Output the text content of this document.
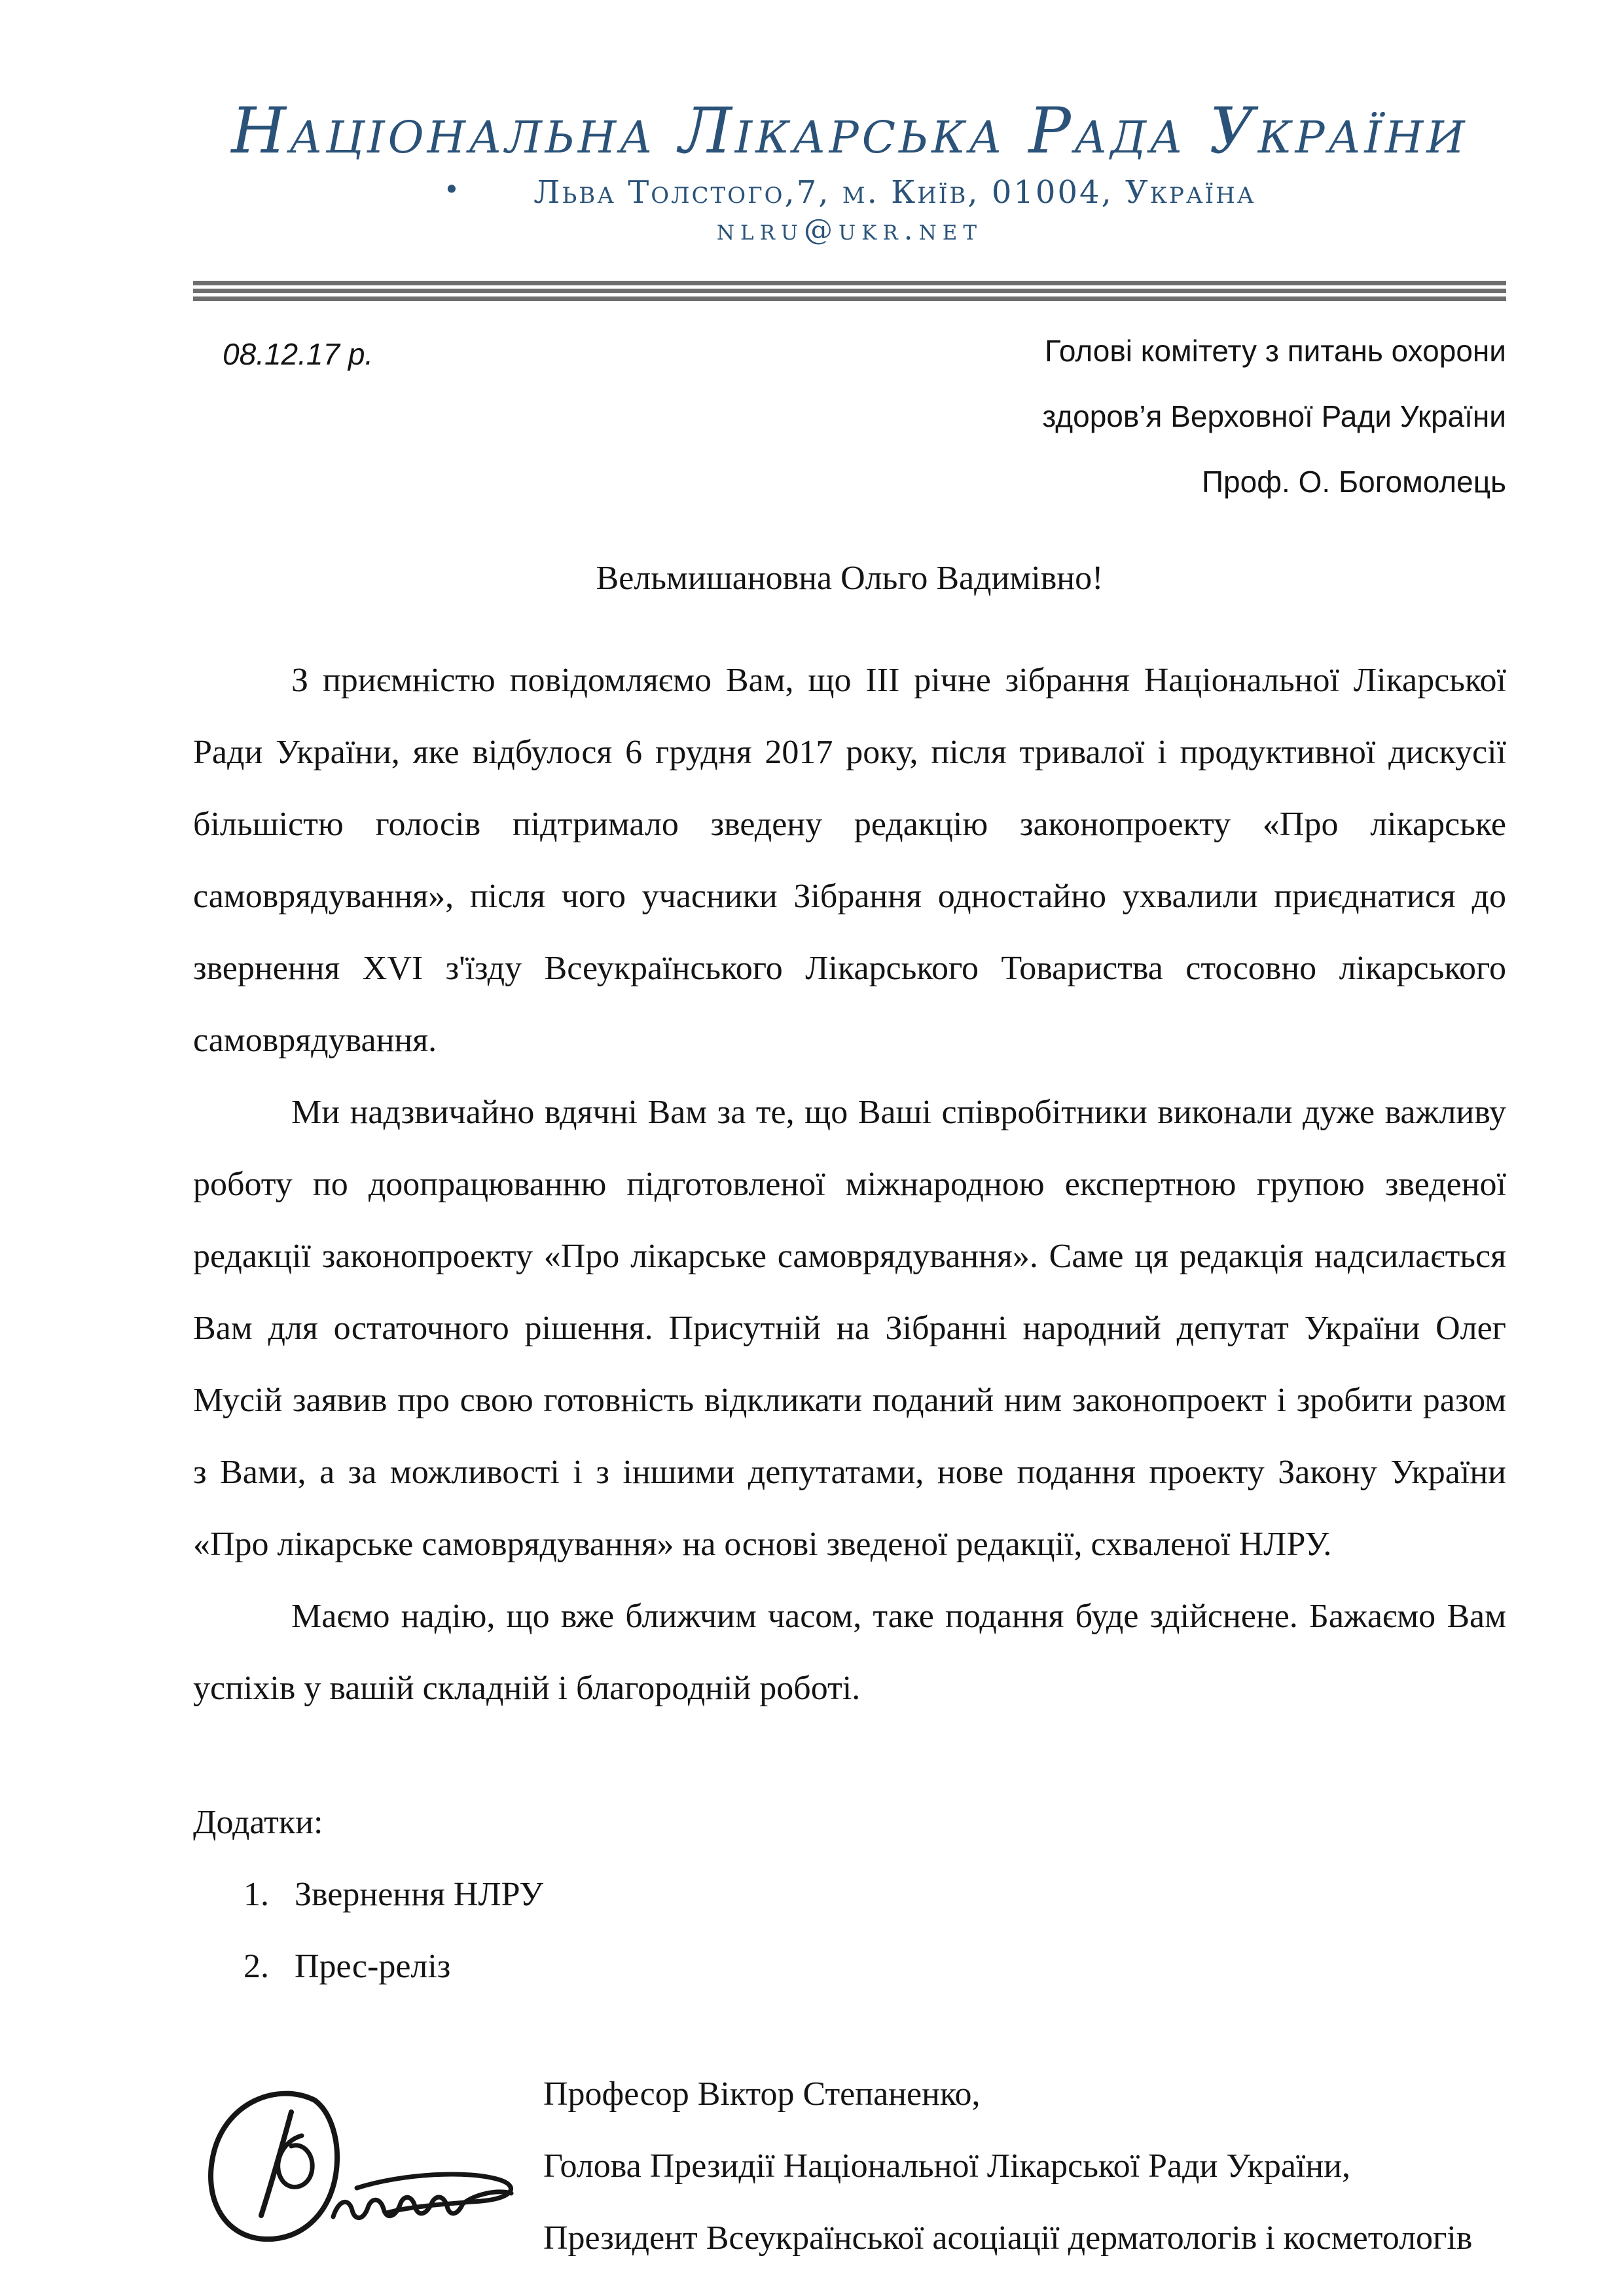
Національна Лікарська Рада України
• Льва Толстого,7, м. Київ, 01004, Україна
nlru@ukr.net
08.12.17 р.	Голові комітету з питань охорони
здоров’я Верховної Ради України
Проф. О. Богомолець
Вельмишановна Ольго Вадимівно!

З приємністю повідомляємо Вам, що ІІІ річне зібрання Національної Лікарської Ради України, яке відбулося 6 грудня 2017 року, після тривалої і продуктивної дискусії більшістю голосів підтримало зведену редакцію законопроекту «Про лікарське самоврядування», після чого учасники Зібрання одностайно ухвалили приєднатися до звернення XVI з'їзду Всеукраїнського Лікарського Товариства стосовно лікарського самоврядування.

Ми надзвичайно вдячні Вам за те, що Ваші співробітники виконали дуже важливу роботу по доопрацюванню підготовленої міжнародною експертною групою зведеної редакції законопроекту «Про лікарське самоврядування». Саме ця редакція надсилається Вам для остаточного рішення. Присутній на Зібранні народний депутат України Олег Мусій заявив про свою готовність відкликати поданий ним законопроект і зробити разом з Вами, а за можливості і з іншими депутатами, нове подання проекту Закону України «Про лікарське самоврядування» на основі зведеної редакції, схваленої НЛРУ.

Маємо надію, що вже ближчим часом, таке подання буде здійснене. Бажаємо Вам успіхів у вашій складній і благородній роботі.

Додатки:
1. Звернення НЛРУ
2. Прес-реліз
Професор Віктор Степаненко,
Голова Президії Національної Лікарської Ради України,
Президент Всеукраїнської асоціації дерматологів і косметологів
